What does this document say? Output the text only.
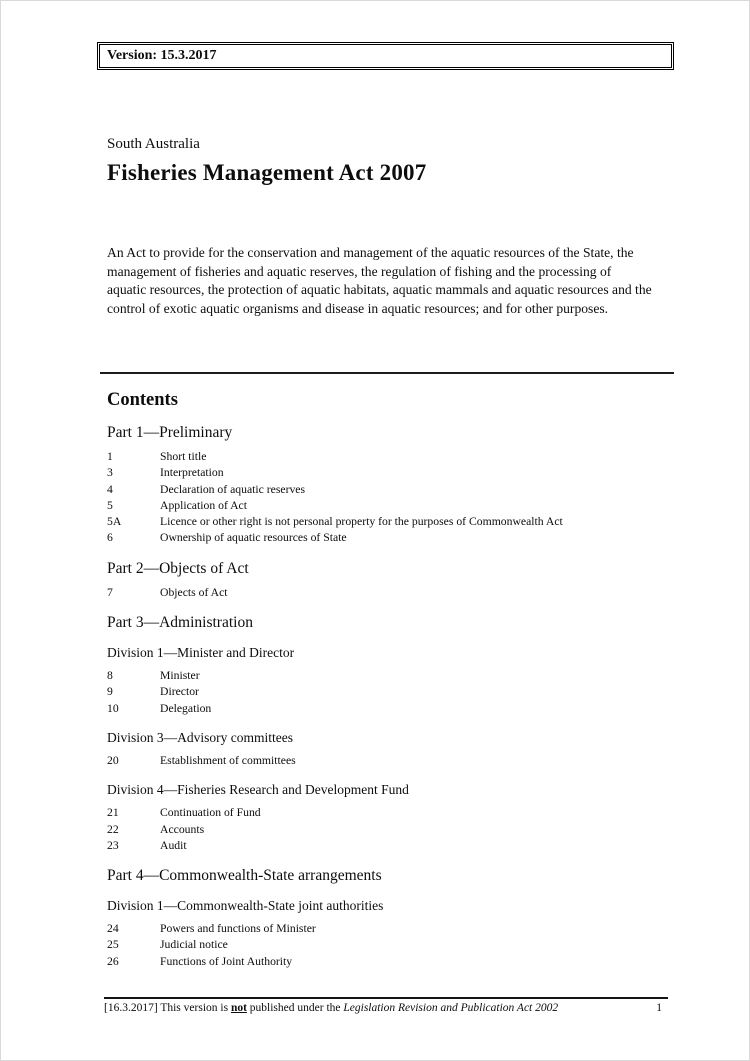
Version: 15.3.2017
South Australia
Fisheries Management Act 2007

An Act to provide for the conservation and management of the aquatic resources of the State, the management of fisheries and aquatic reserves, the regulation of fishing and the processing of aquatic resources, the protection of aquatic habitats, aquatic mammals and aquatic resources and the control of exotic aquatic organisms and disease in aquatic resources; and for other purposes.

Contents
Part 1—Preliminary
1	Short title
3	Interpretation
4	Declaration of aquatic reserves
5	Application of Act
5A	Licence or other right is not personal property for the purposes of Commonwealth Act
6	Ownership of aquatic resources of State
Part 2—Objects of Act
7	Objects of Act
Part 3—Administration
Division 1—Minister and Director
8	Minister
9	Director
10	Delegation
Division 3—Advisory committees
20	Establishment of committees
Division 4—Fisheries Research and Development Fund
21	Continuation of Fund
22	Accounts
23	Audit
Part 4—Commonwealth-State arrangements
Division 1—Commonwealth-State joint authorities
24	Powers and functions of Minister
25	Judicial notice
26	Functions of Joint Authority
[16.3.2017] This version is not published under the Legislation Revision and Publication Act 2002	1
